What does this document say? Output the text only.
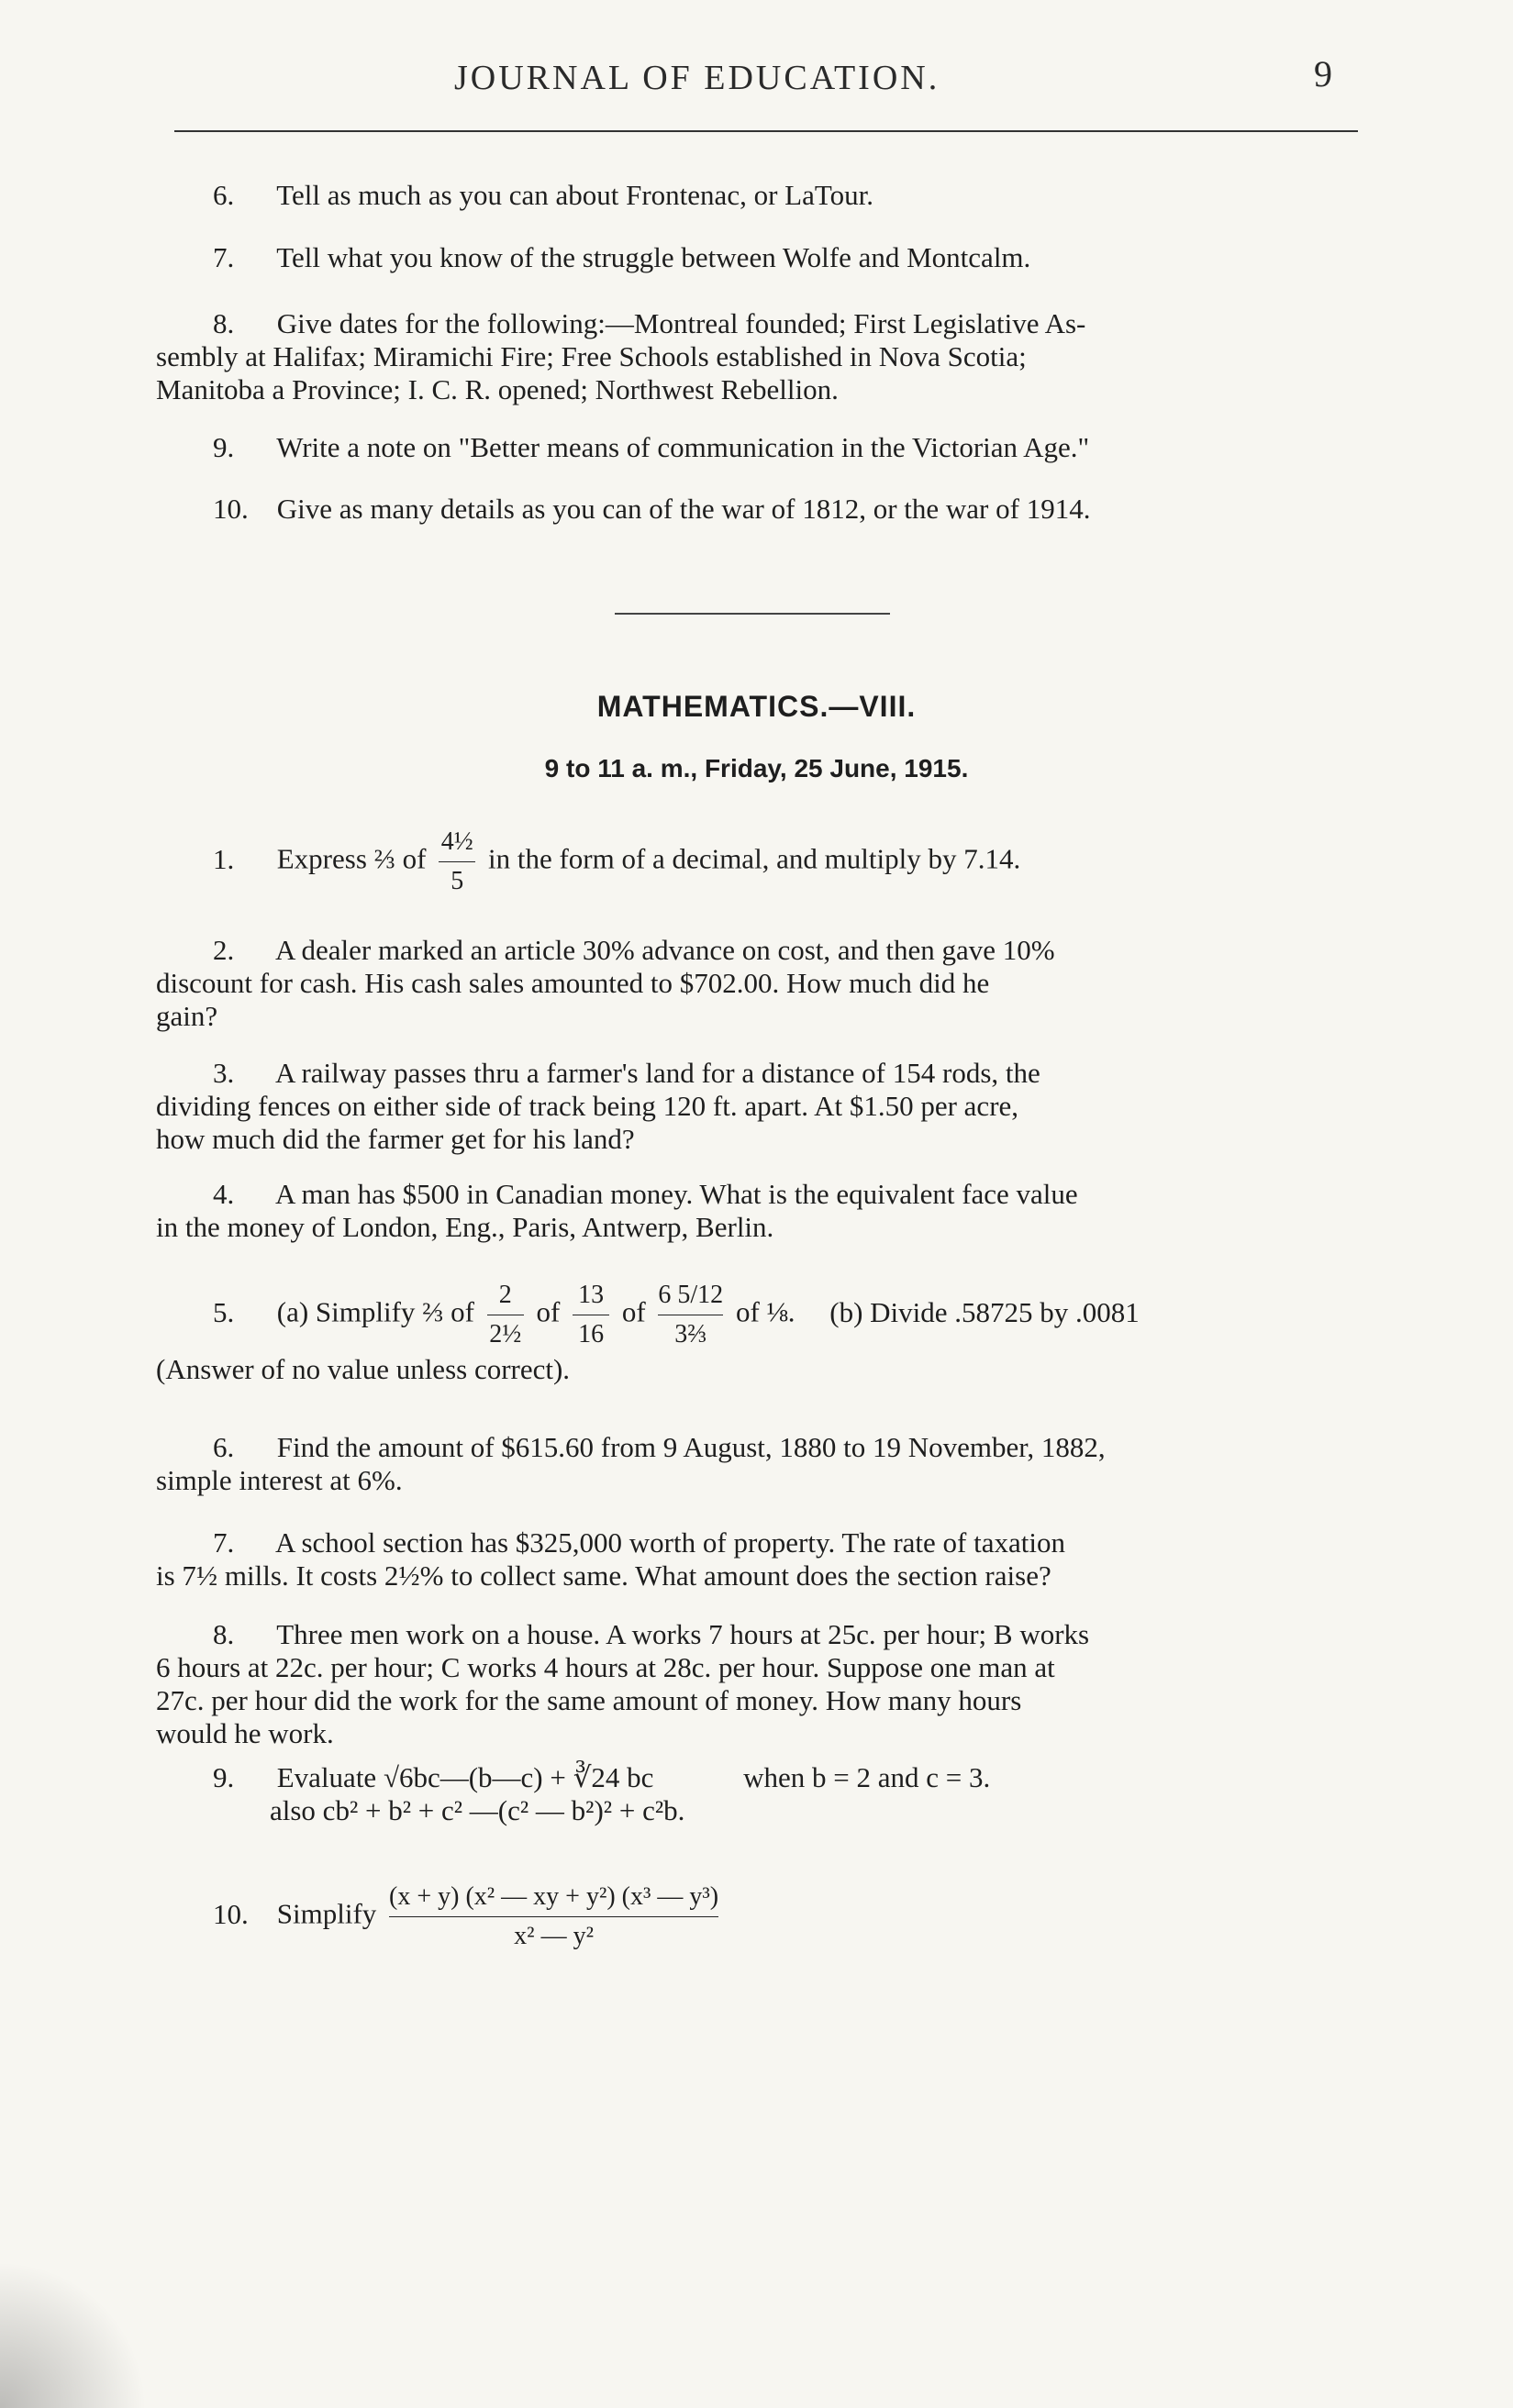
JOURNAL OF EDUCATION.	9
6. Tell as much as you can about Frontenac, or LaTour.
7. Tell what you know of the struggle between Wolfe and Montcalm.
8. Give dates for the following:—Montreal founded; First Legislative As-
sembly at Halifax; Miramichi Fire; Free Schools established in Nova Scotia;
Manitoba a Province; I. C. R. opened; Northwest Rebellion.
9. Write a note on "Better means of communication in the Victorian Age."
10. Give as many details as you can of the war of 1812, or the war of 1914.
MATHEMATICS.—VIII.
9 to 11 a. m., Friday, 25 June, 1915.
1. Express ⅔ of $\frac{\text{4½}}{5}$ in the form of a decimal, and multiply by 7.14.
2. A dealer marked an article 30% advance on cost, and then gave 10%
discount for cash. His cash sales amounted to $702.00. How much did he
gain?
3. A railway passes thru a farmer's land for a distance of 154 rods, the
dividing fences on either side of track being 120 ft. apart. At $1.50 per acre,
how much did the farmer get for his land?
4. A man has $500 in Canadian money. What is the equivalent face value
in the money of London, Eng., Paris, Antwerp, Berlin.
5. (a) Simplify ⅔ of $\frac{2}{\text{2½}}$ of $\frac{13}{16}$ of $\frac{6 5/12}{\text{3⅔}}$ of ⅛. (b) Divide .58725 by .0081
(Answer of no value unless correct).
6. Find the amount of $615.60 from 9 August, 1880 to 19 November, 1882,
simple interest at 6%.
7. A school section has $325,000 worth of property. The rate of taxation
is 7½ mills. It costs 2½% to collect same. What amount does the section raise?
8. Three men work on a house. A works 7 hours at 25c. per hour; B works
6 hours at 22c. per hour; C works 4 hours at 28c. per hour. Suppose one man at
27c. per hour did the work for the same amount of money. How many hours
would he work.
9. Evaluate √6bc—(b—c) + ∛24 bc	when b = 2 and c = 3.
also cb² + b² + c² —(c² — b²)² + c²b.
10. Simplify $\frac{\text{(x + y) (x² — xy + y²) (x³ — y³)}}{\text{x² — y²}}$
